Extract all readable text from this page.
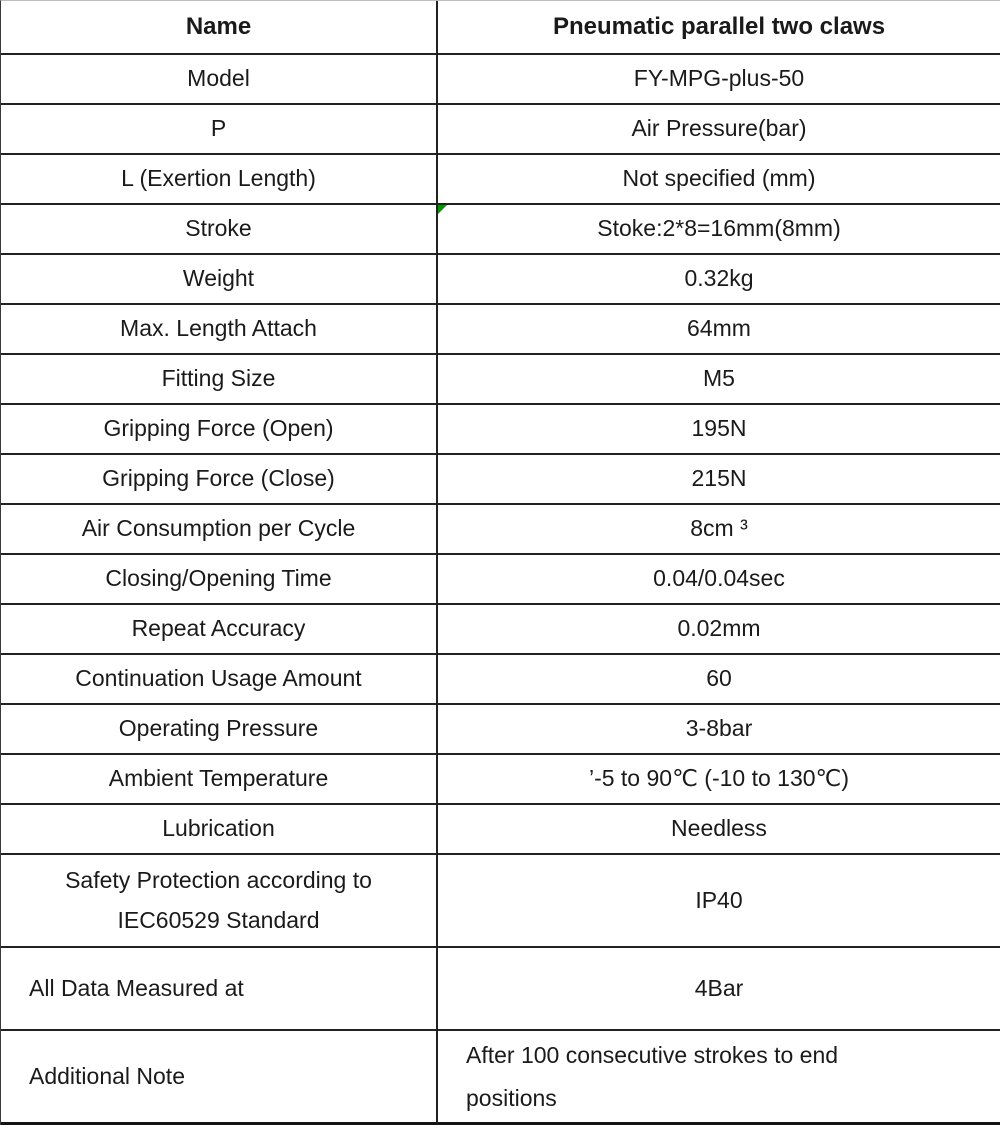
Name	Pneumatic parallel two claws
Model	FY-MPG-plus-50
P	Air Pressure(bar)
L (Exertion Length)	Not specified (mm)
Stroke	Stoke:2*8=16mm(8mm)
Weight	0.32kg
Max. Length Attach	64mm
Fitting Size	M5
Gripping Force (Open)	195N
Gripping Force (Close)	215N
Air Consumption per Cycle	8cm ³
Closing/Opening Time	0.04/0.04sec
Repeat Accuracy	0.02mm
Continuation Usage Amount	60
Operating Pressure	3-8bar
Ambient Temperature	’-5 to 90℃ (-10 to 130℃)
Lubrication	Needless
Safety Protection according to IEC60529 Standard	IP40
All Data Measured at	4Bar
Additional Note	After 100 consecutive strokes to end positions
